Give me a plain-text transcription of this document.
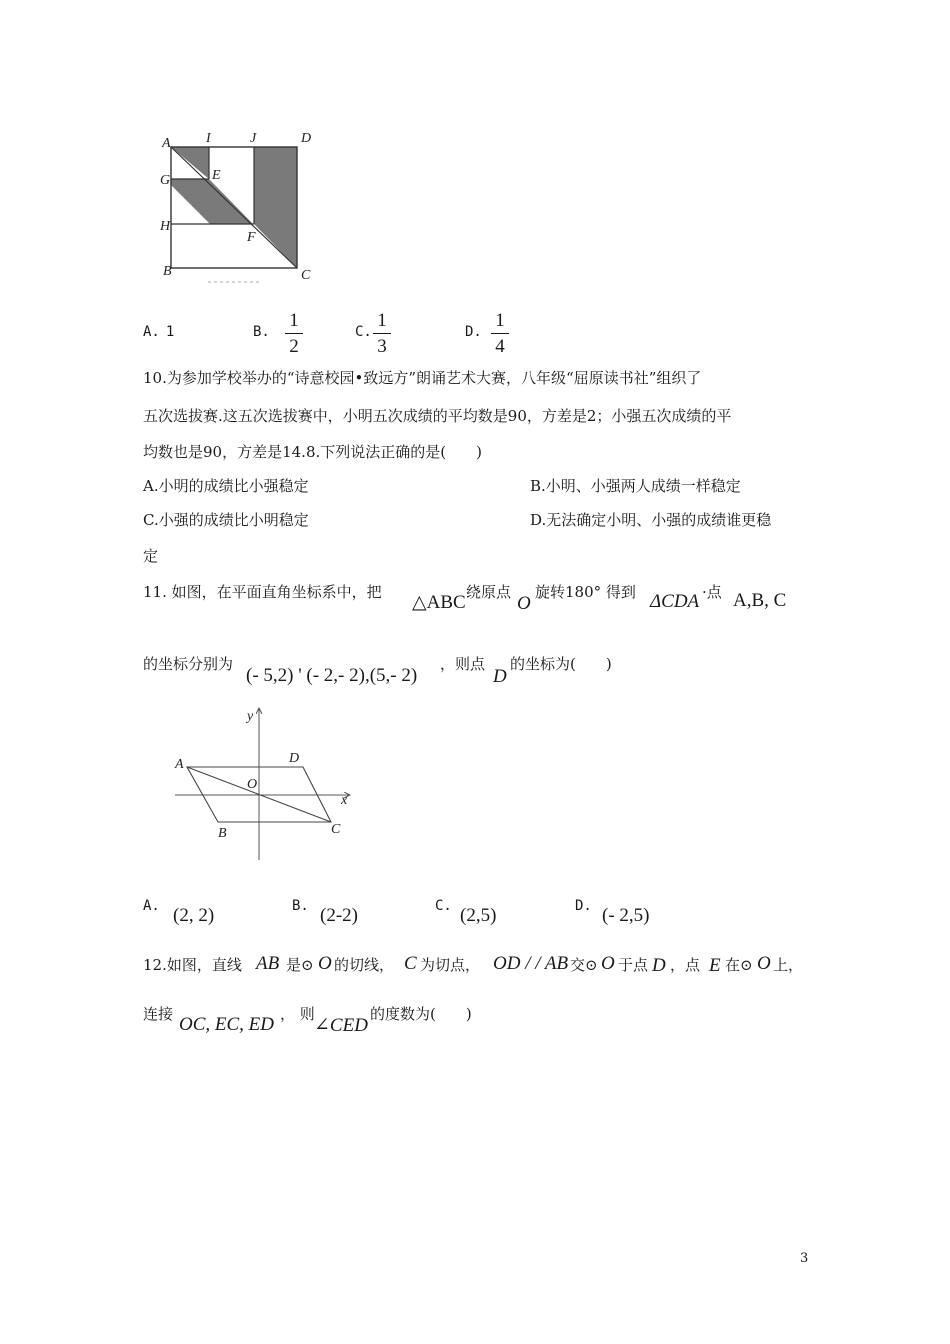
A	I	J	D
G	E
H
F
B	C
A. 1	B.
1
2
C.
1
3
D.
1
4
10.为参加学校举办的“诗意校园•致远方”朗诵艺术大赛，八年级“屈原读书社”组织了
五次选拔赛.这五次选拔赛中，小明五次成绩的平均数是90，方差是2；小强五次成绩的平
均数也是90，方差是14.8.下列说法正确的是(　　)
A.小明的成绩比小强稳定	B.小明、小强两人成绩一样稳定
C.小强的成绩比小明稳定	D.无法确定小明、小强的成绩谁更稳
定
11. 如图，在平面直角坐标系中，把 △ABC 绕原点
O
旋转180° 得到 ΔCDA ·点 A,B, C
的坐标分别为
(- 5,2) ' (- 2,- 2),(5,- 2)
，则点
D
的坐标为(　　)
y
x
A
O
D
B	C
A. (2, 2)	B. (2-2)	C. (2,5)	D. (- 2,5)
12.如图，直线 AB 是⊙ O 的切线， C 为切点， OD / / AB 交⊙ O 于点 D ，点 E 在⊙ O 上，
连接 OC, EC, ED ， 则
∠CED
的度数为(　　)
3
